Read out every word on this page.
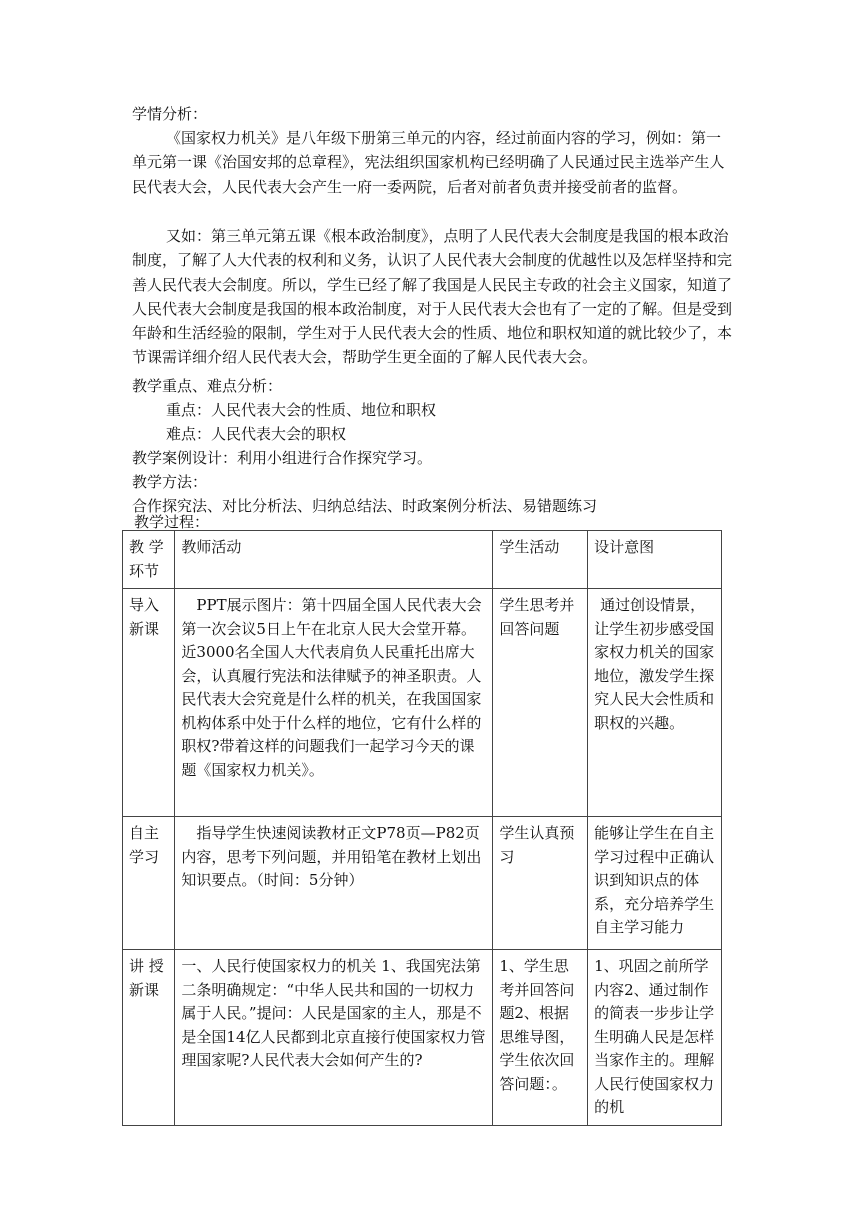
学情分析：

《国家权力机关》是八年级下册第三单元的内容，经过前面内容的学习，例如：第一单元第一课《治国安邦的总章程》，宪法组织国家机构已经明确了人民通过民主选举产生人民代表大会，人民代表大会产生一府一委两院，后者对前者负责并接受前者的监督。

又如：第三单元第五课《根本政治制度》，点明了人民代表大会制度是我国的根本政治制度，了解了人大代表的权利和义务，认识了人民代表大会制度的优越性以及怎样坚持和完善人民代表大会制度。所以，学生已经了解了我国是人民民主专政的社会主义国家，知道了人民代表大会制度是我国的根本政治制度，对于人民代表大会也有了一定的了解。但是受到年龄和生活经验的限制，学生对于人民代表大会的性质、地位和职权知道的就比较少了，本节课需详细介绍人民代表大会，帮助学生更全面的了解人民代表大会。

教学重点、难点分析：
重点：人民代表大会的性质、地位和职权
难点：人民代表大会的职权
教学案例设计：利用小组进行合作探究学习。
教学方法：
合作探究法、对比分析法、归纳总结法、时政案例分析法、易错题练习
教学过程：
教 学环节	教师活动	学生活动	设计意图
导入新课	PPT展示图片：第十四届全国人民代表大会第一次会议5日上午在北京人民大会堂开幕。近3000名全国人大代表肩负人民重托出席大会，认真履行宪法和法律赋予的神圣职责。人民代表大会究竟是什么样的机关，在我国国家机构体系中处于什么样的地位，它有什么样的职权?带着这样的问题我们一起学习今天的课题《国家权力机关》。	学生思考并回答问题	通过创设情景，让学生初步感受国家权力机关的国家地位，激发学生探究人民大会性质和职权的兴趣。
自主学习	指导学生快速阅读教材正文P78页—P82页内容，思考下列问题，并用铅笔在教材上划出知识要点。（时间：5分钟）	学生认真预习	能够让学生在自主学习过程中正确认识到知识点的体系，充分培养学生自主学习能力
讲 授新课	一、人民行使国家权力的机关 1、我国宪法第二条明确规定：“中华人民共和国的一切权力属于人民。”提问：人民是国家的主人，那是不是全国14亿人民都到北京直接行使国家权力管理国家呢?人民代表大会如何产生的?	1、学生思考并回答问题2、根据思维导图，学生依次回答问题：。	1、巩固之前所学内容2、通过制作的简表一步步让学生明确人民是怎样当家作主的。理解人民行使国家权力的机
